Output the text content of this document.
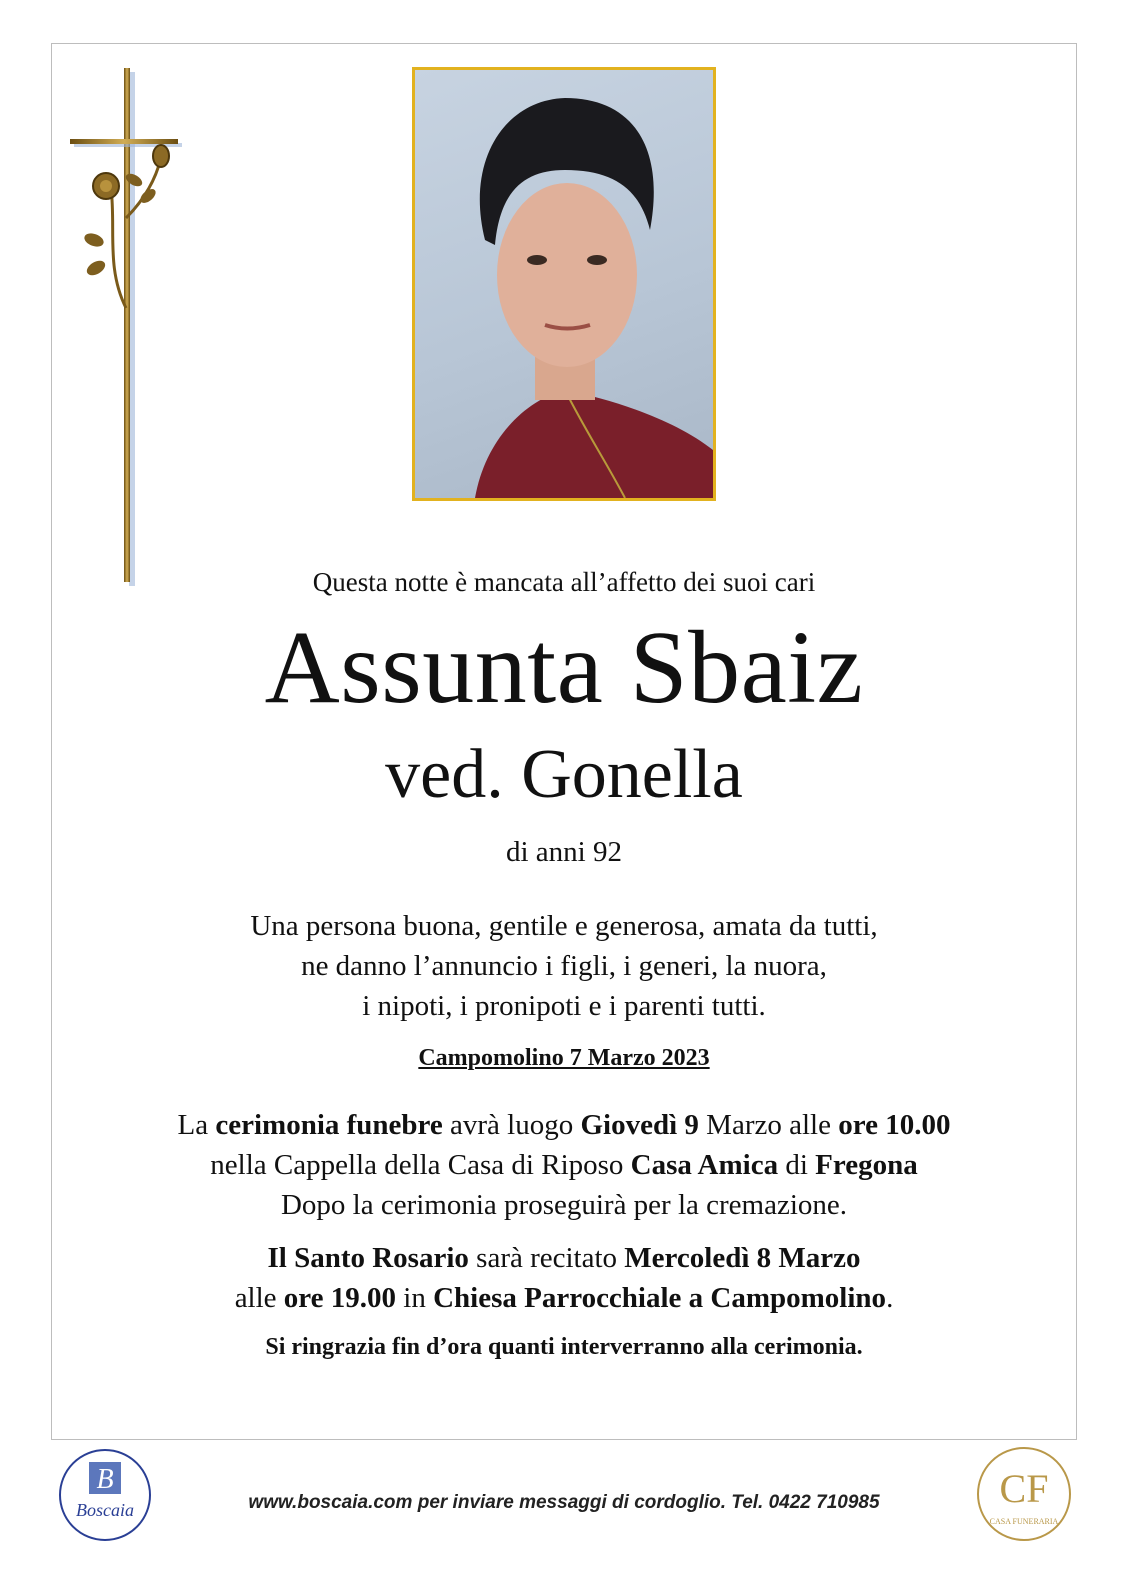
Questa notte è mancata all’affetto dei suoi cari
Assunta Sbaiz
ved. Gonella
di anni 92
Una persona buona, gentile e generosa, amata da tutti,
ne danno l’annuncio i figli, i generi, la nuora,
i nipoti, i pronipoti e i parenti tutti.
Campomolino 7 Marzo 2023
La cerimonia funebre avrà luogo Giovedì 9 Marzo alle ore 10.00
nella Cappella della Casa di Riposo Casa Amica di Fregona
Dopo la cerimonia proseguirà per la cremazione.
Il Santo Rosario sarà recitato Mercoledì 8 Marzo
alle ore 19.00 in Chiesa Parrocchiale a Campomolino.
Si ringrazia fin d’ora quanti interverranno alla cerimonia.
B
Boscaia	www.boscaia.com per inviare messaggi di cordoglio. Tel. 0422 710985	CF
CASA FUNERARIA
